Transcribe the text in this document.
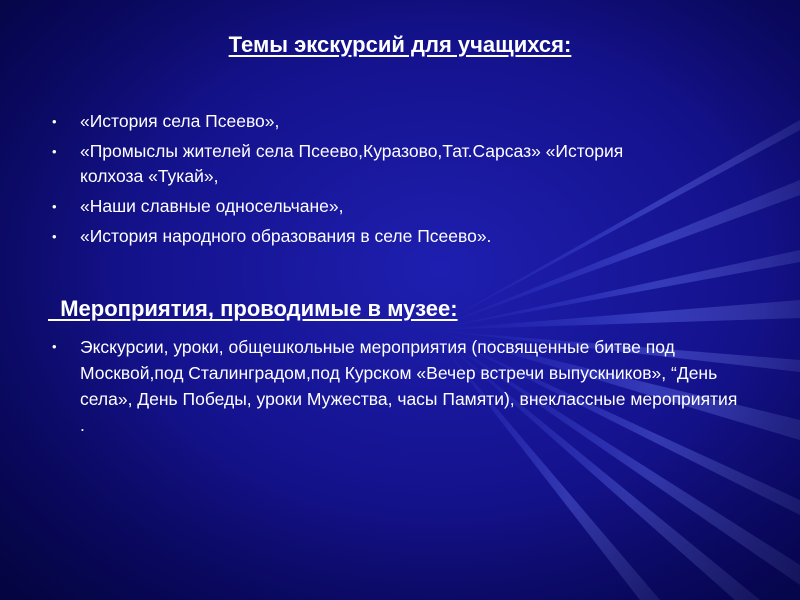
Темы экскурсий для учащихся:
• «История села Псеево»,
• «Промыслы жителей села Псеево,Куразово,Тат.Сарсаз» «История колхоза «Тукай»,
• «Наши славные односельчане»,
• «История народного образования в селе Псеево».
Мероприятия, проводимые в музее:
• Экскурсии, уроки, общешкольные мероприятия (посвященные битве под Москвой,под Сталинградом,под Курском «Вечер встречи выпускников», “День села», День Победы, уроки Мужества, часы Памяти), внеклассные мероприятия .
